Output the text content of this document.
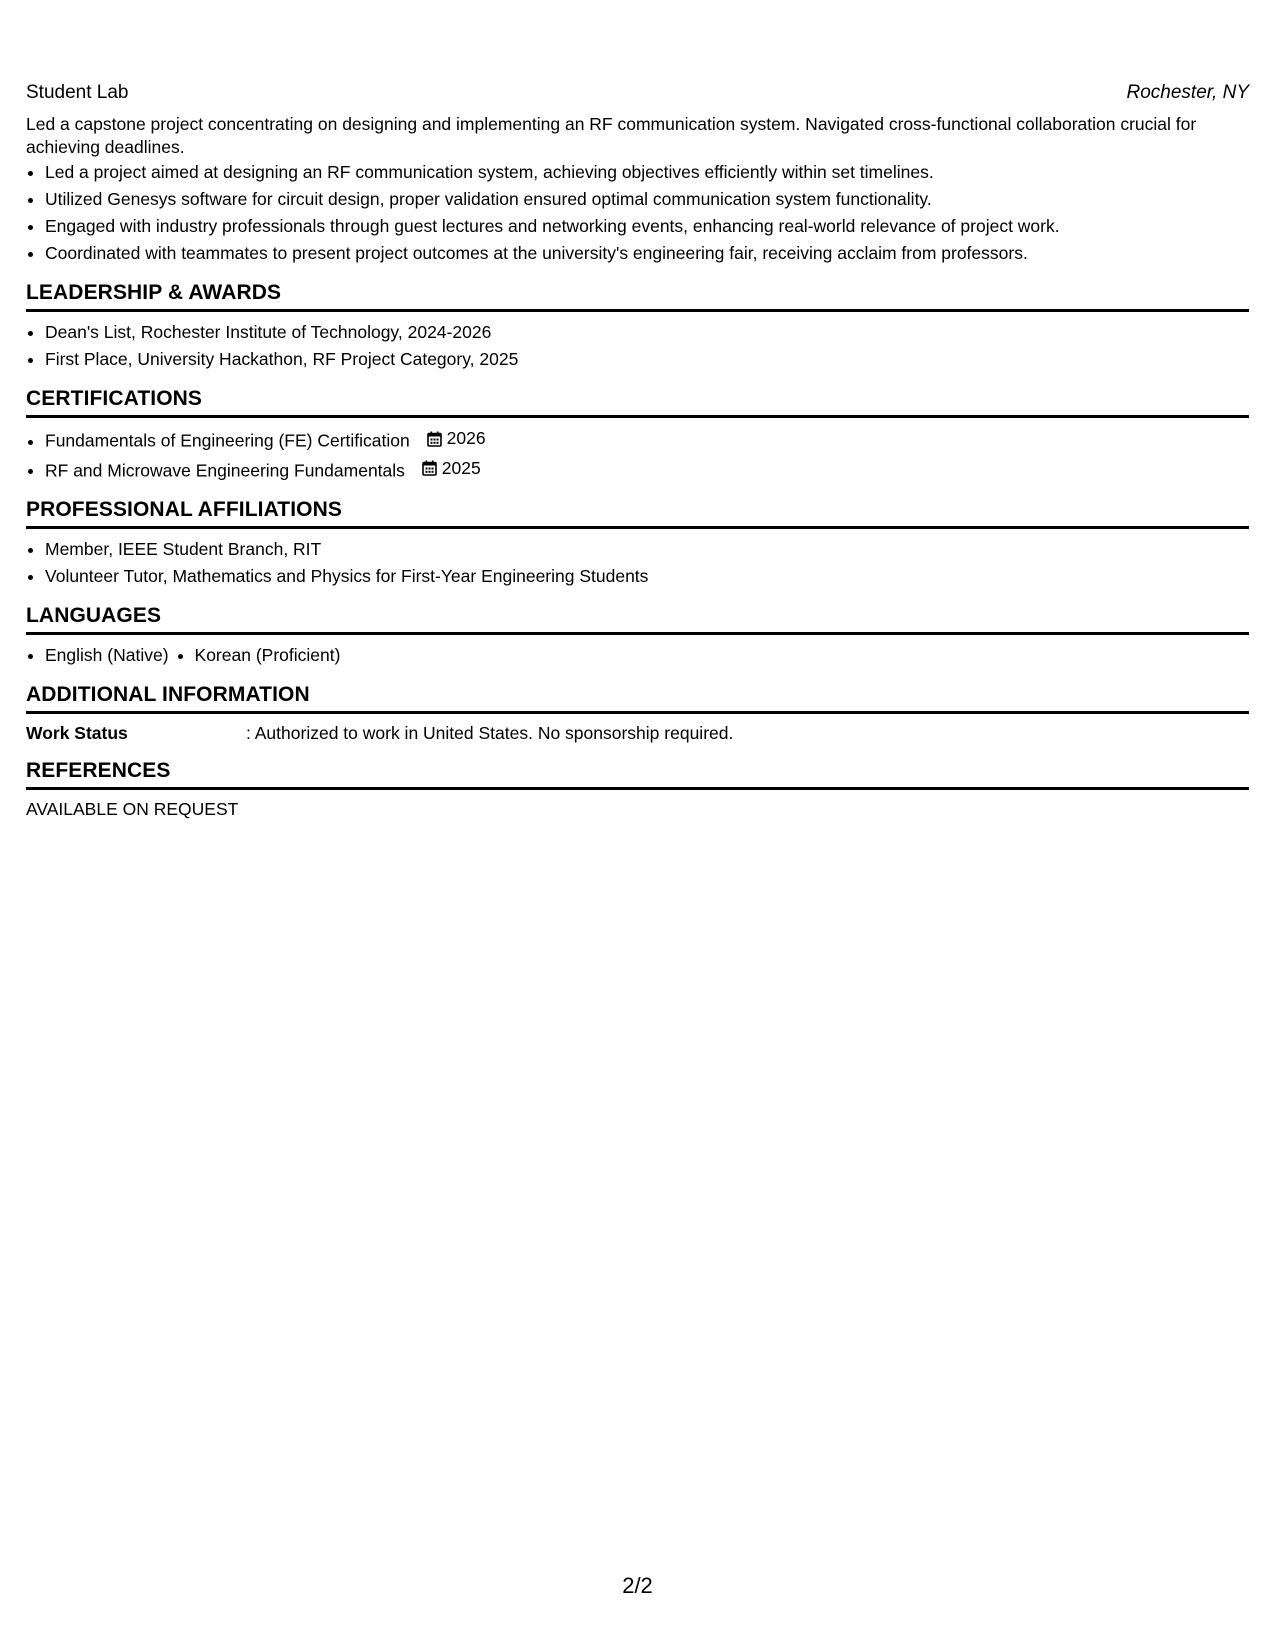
Student Lab	Rochester, NY
Led a capstone project concentrating on designing and implementing an RF communication system. Navigated cross-functional collaboration crucial for achieving deadlines.
• Led a project aimed at designing an RF communication system, achieving objectives efficiently within set timelines.
• Utilized Genesys software for circuit design, proper validation ensured optimal communication system functionality.
• Engaged with industry professionals through guest lectures and networking events, enhancing real-world relevance of project work.
• Coordinated with teammates to present project outcomes at the university's engineering fair, receiving acclaim from professors.
LEADERSHIP & AWARDS
• Dean's List, Rochester Institute of Technology, 2024-2026
• First Place, University Hackathon, RF Project Category, 2025
CERTIFICATIONS
• Fundamentals of Engineering (FE) Certification 2026
• RF and Microwave Engineering Fundamentals 2025
PROFESSIONAL AFFILIATIONS
• Member, IEEE Student Branch, RIT
• Volunteer Tutor, Mathematics and Physics for First-Year Engineering Students
LANGUAGES
• English (Native)
• Korean (Proficient)
ADDITIONAL INFORMATION
Work Status	: Authorized to work in United States. No sponsorship required.
REFERENCES
AVAILABLE ON REQUEST
2/2
